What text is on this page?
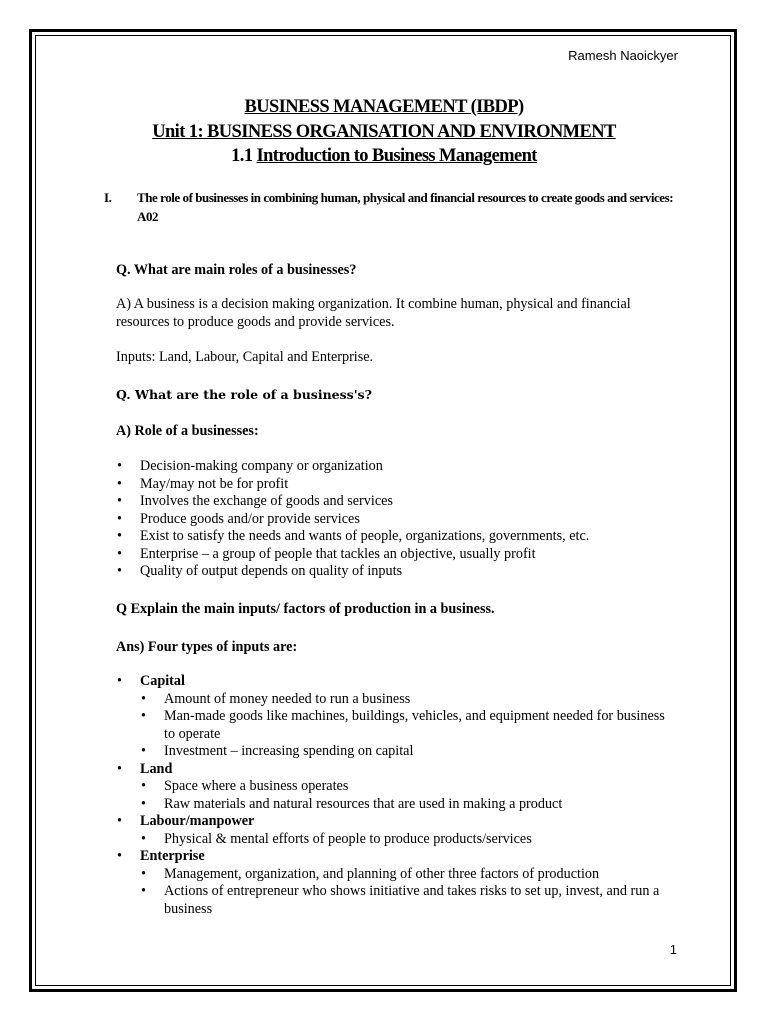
Ramesh Naoickyer
BUSINESS MANAGEMENT (IBDP)
Unit 1: BUSINESS ORGANISATION AND ENVIRONMENT
1.1 Introduction to Business Management
I. The role of businesses in combining human, physical and financial resources to create goods and services: A02
Q. What are main roles of a businesses?
A) A business is a decision making organization. It combine human, physical and financial resources to produce goods and provide services.
Inputs: Land, Labour, Capital and Enterprise.
Q. What are the role of a business's?
A) Role of a businesses:
• Decision-making company or organization
• May/may not be for profit
• Involves the exchange of goods and services
• Produce goods and/or provide services
• Exist to satisfy the needs and wants of people, organizations, governments, etc.
• Enterprise – a group of people that tackles an objective, usually profit
• Quality of output depends on quality of inputs
Q Explain the main inputs/ factors of production in a business.
Ans) Four types of inputs are:
• Capital
• Amount of money needed to run a business
• Man-made goods like machines, buildings, vehicles, and equipment needed for business to operate
• Investment – increasing spending on capital
• Land
• Space where a business operates
• Raw materials and natural resources that are used in making a product
• Labour/manpower
• Physical & mental efforts of people to produce products/services
• Enterprise
• Management, organization, and planning of other three factors of production
• Actions of entrepreneur who shows initiative and takes risks to set up, invest, and run a business
1
